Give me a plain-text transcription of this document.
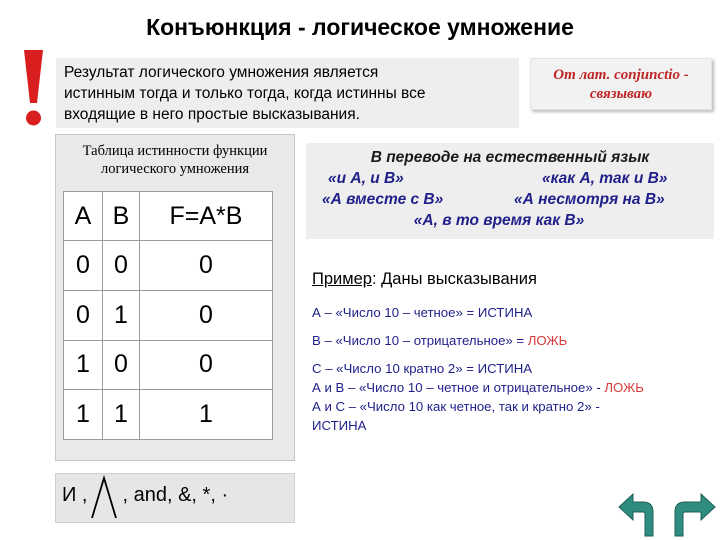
Конъюнкция - логическое умножение
Результат логического умножения является
истинным тогда и только тогда, когда истинны все
входящие в него простые высказывания.
От лат. conjunctio -
связываю
Таблица истинности функции
логического умножения
A	B	F=A*B
0	0	0
0	1	0
1	0	0
1	1	1
И , , and, &, *, ·
В переводе на естественный язык
«и А, и В»	«как А, так и В»
«А вместе с В»	«А несмотря на В»
«А, в то время как В»
Пример: Даны высказывания
А – «Число 10 – четное» = ИСТИНА
В – «Число 10 – отрицательное» = ЛОЖЬ
С – «Число 10 кратно 2» = ИСТИНА
А и В – «Число 10 – четное и отрицательное» - ЛОЖЬ
А и С – «Число 10 как четное, так и кратно 2» -
ИСТИНА
